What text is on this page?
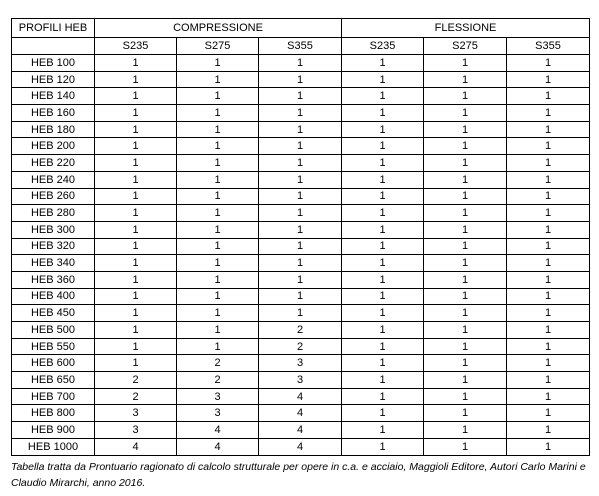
PROFILI HEB	COMPRESSIONE			FLESSIONE		
	S235	S275	S355	S235	S275	S355
HEB 100	1	1	1	1	1	1
HEB 120	1	1	1	1	1	1
HEB 140	1	1	1	1	1	1
HEB 160	1	1	1	1	1	1
HEB 180	1	1	1	1	1	1
HEB 200	1	1	1	1	1	1
HEB 220	1	1	1	1	1	1
HEB 240	1	1	1	1	1	1
HEB 260	1	1	1	1	1	1
HEB 280	1	1	1	1	1	1
HEB 300	1	1	1	1	1	1
HEB 320	1	1	1	1	1	1
HEB 340	1	1	1	1	1	1
HEB 360	1	1	1	1	1	1
HEB 400	1	1	1	1	1	1
HEB 450	1	1	1	1	1	1
HEB 500	1	1	2	1	1	1
HEB 550	1	1	2	1	1	1
HEB 600	1	2	3	1	1	1
HEB 650	2	2	3	1	1	1
HEB 700	2	3	4	1	1	1
HEB 800	3	3	4	1	1	1
HEB 900	3	4	4	1	1	1
HEB 1000	4	4	4	1	1	1
Tabella tratta da Prontuario ragionato di calcolo strutturale per opere in c.a. e acciaio, Maggioli Editore, Autori Carlo Marini e Claudio Mirarchi, anno 2016.
